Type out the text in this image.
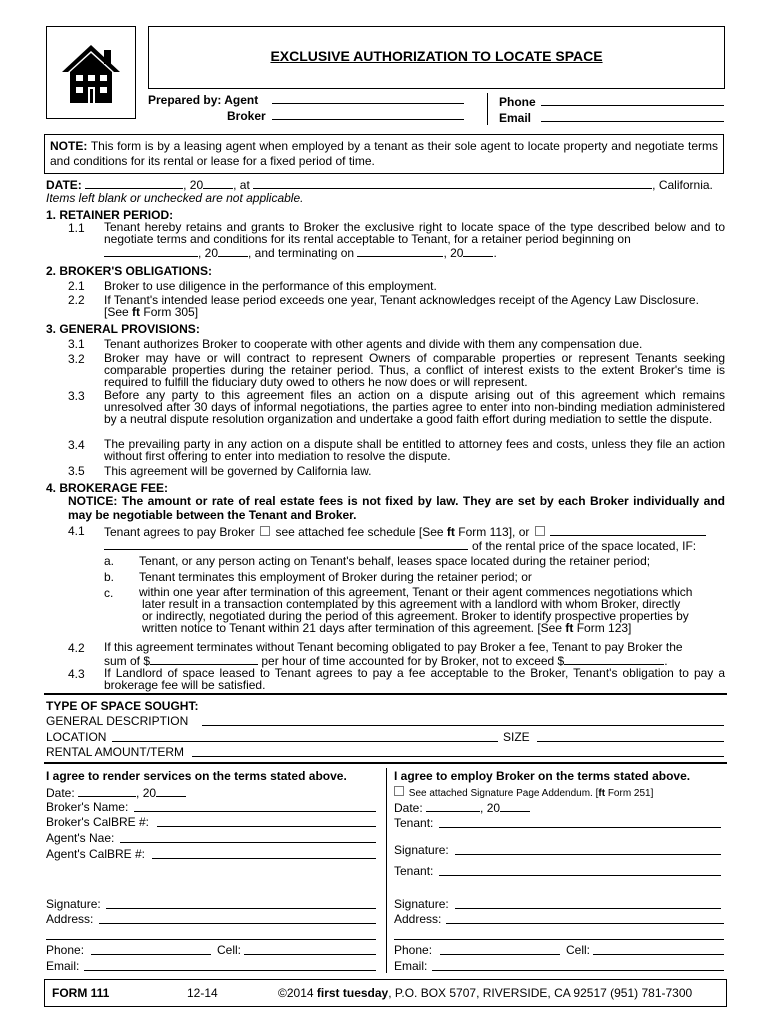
EXCLUSIVE AUTHORIZATION TO LOCATE SPACE
Prepared by: Agent
Broker
Phone
Email
NOTE: This form is by a leasing agent when employed by a tenant as their sole agent to locate property and negotiate terms and conditions for its rental or lease for a fixed period of time.
DATE:	, 20	, at	, California.
Items left blank or unchecked are not applicable.
1. RETAINER PERIOD:
1.1 Tenant hereby retains and grants to Broker the exclusive right to locate space of the type described below and to negotiate terms and conditions for its rental acceptable to Tenant, for a retainer period beginning on
, 20	, and terminating on	, 20	.
2. BROKER'S OBLIGATIONS:
2.1 Broker to use diligence in the performance of this employment.
2.2 If Tenant's intended lease period exceeds one year, Tenant acknowledges receipt of the Agency Law Disclosure.
[See ft Form 305]
3. GENERAL PROVISIONS:
3.1 Tenant authorizes Broker to cooperate with other agents and divide with them any compensation due.
3.2 Broker may have or will contract to represent Owners of comparable properties or represent Tenants seeking comparable properties during the retainer period. Thus, a conflict of interest exists to the extent Broker's time is required to fulfill the fiduciary duty owed to others he now does or will represent.
3.3 Before any party to this agreement files an action on a dispute arising out of this agreement which remains unresolved after 30 days of informal negotiations, the parties agree to enter into non-binding mediation administered by a neutral dispute resolution organization and undertake a good faith effort during mediation to settle the dispute.
3.4 The prevailing party in any action on a dispute shall be entitled to attorney fees and costs, unless they file an action without first offering to enter into mediation to resolve the dispute.
3.5 This agreement will be governed by California law.
4. BROKERAGE FEE:
NOTICE: The amount or rate of real estate fees is not fixed by law. They are set by each Broker individually and may be negotiable between the Tenant and Broker.
4.1 Tenant agrees to pay Broker see attached fee schedule [See ft Form 113], or
of the rental price of the space located, IF:
a. Tenant, or any person acting on Tenant's behalf, leases space located during the retainer period;
b. Tenant terminates this employment of Broker during the retainer period; or
c. within one year after termination of this agreement, Tenant or their agent commences negotiations which
later result in a transaction contemplated by this agreement with a landlord with whom Broker, directly
or indirectly, negotiated during the period of this agreement. Broker to identify prospective properties by
written notice to Tenant within 21 days after termination of this agreement. [See ft Form 123]
4.2 If this agreement terminates without Tenant becoming obligated to pay Broker a fee, Tenant to pay Broker the
sum of $	per hour of time accounted for by Broker, not to exceed $	.
4.3 If Landlord of space leased to Tenant agrees to pay a fee acceptable to the Broker, Tenant's obligation to pay a brokerage fee will be satisfied.
TYPE OF SPACE SOUGHT:
GENERAL DESCRIPTION
LOCATION	SIZE
RENTAL AMOUNT/TERM
I agree to render services on the terms stated above.
Date:	, 20
Broker's Name:
Broker's CalBRE #:
Agent's Nae:
Agent's CalBRE #:
Signature:
Address:
Phone:	Cell:
Email:
I agree to employ Broker on the terms stated above.
See attached Signature Page Addendum. [ft Form 251]
Date:	, 20
Tenant:
Signature:
Tenant:
Signature:
Address:
Phone:	Cell:
Email:
FORM 111	12-14	©2014 first tuesday, P.O. BOX 5707, RIVERSIDE, CA 92517 (951) 781-7300
